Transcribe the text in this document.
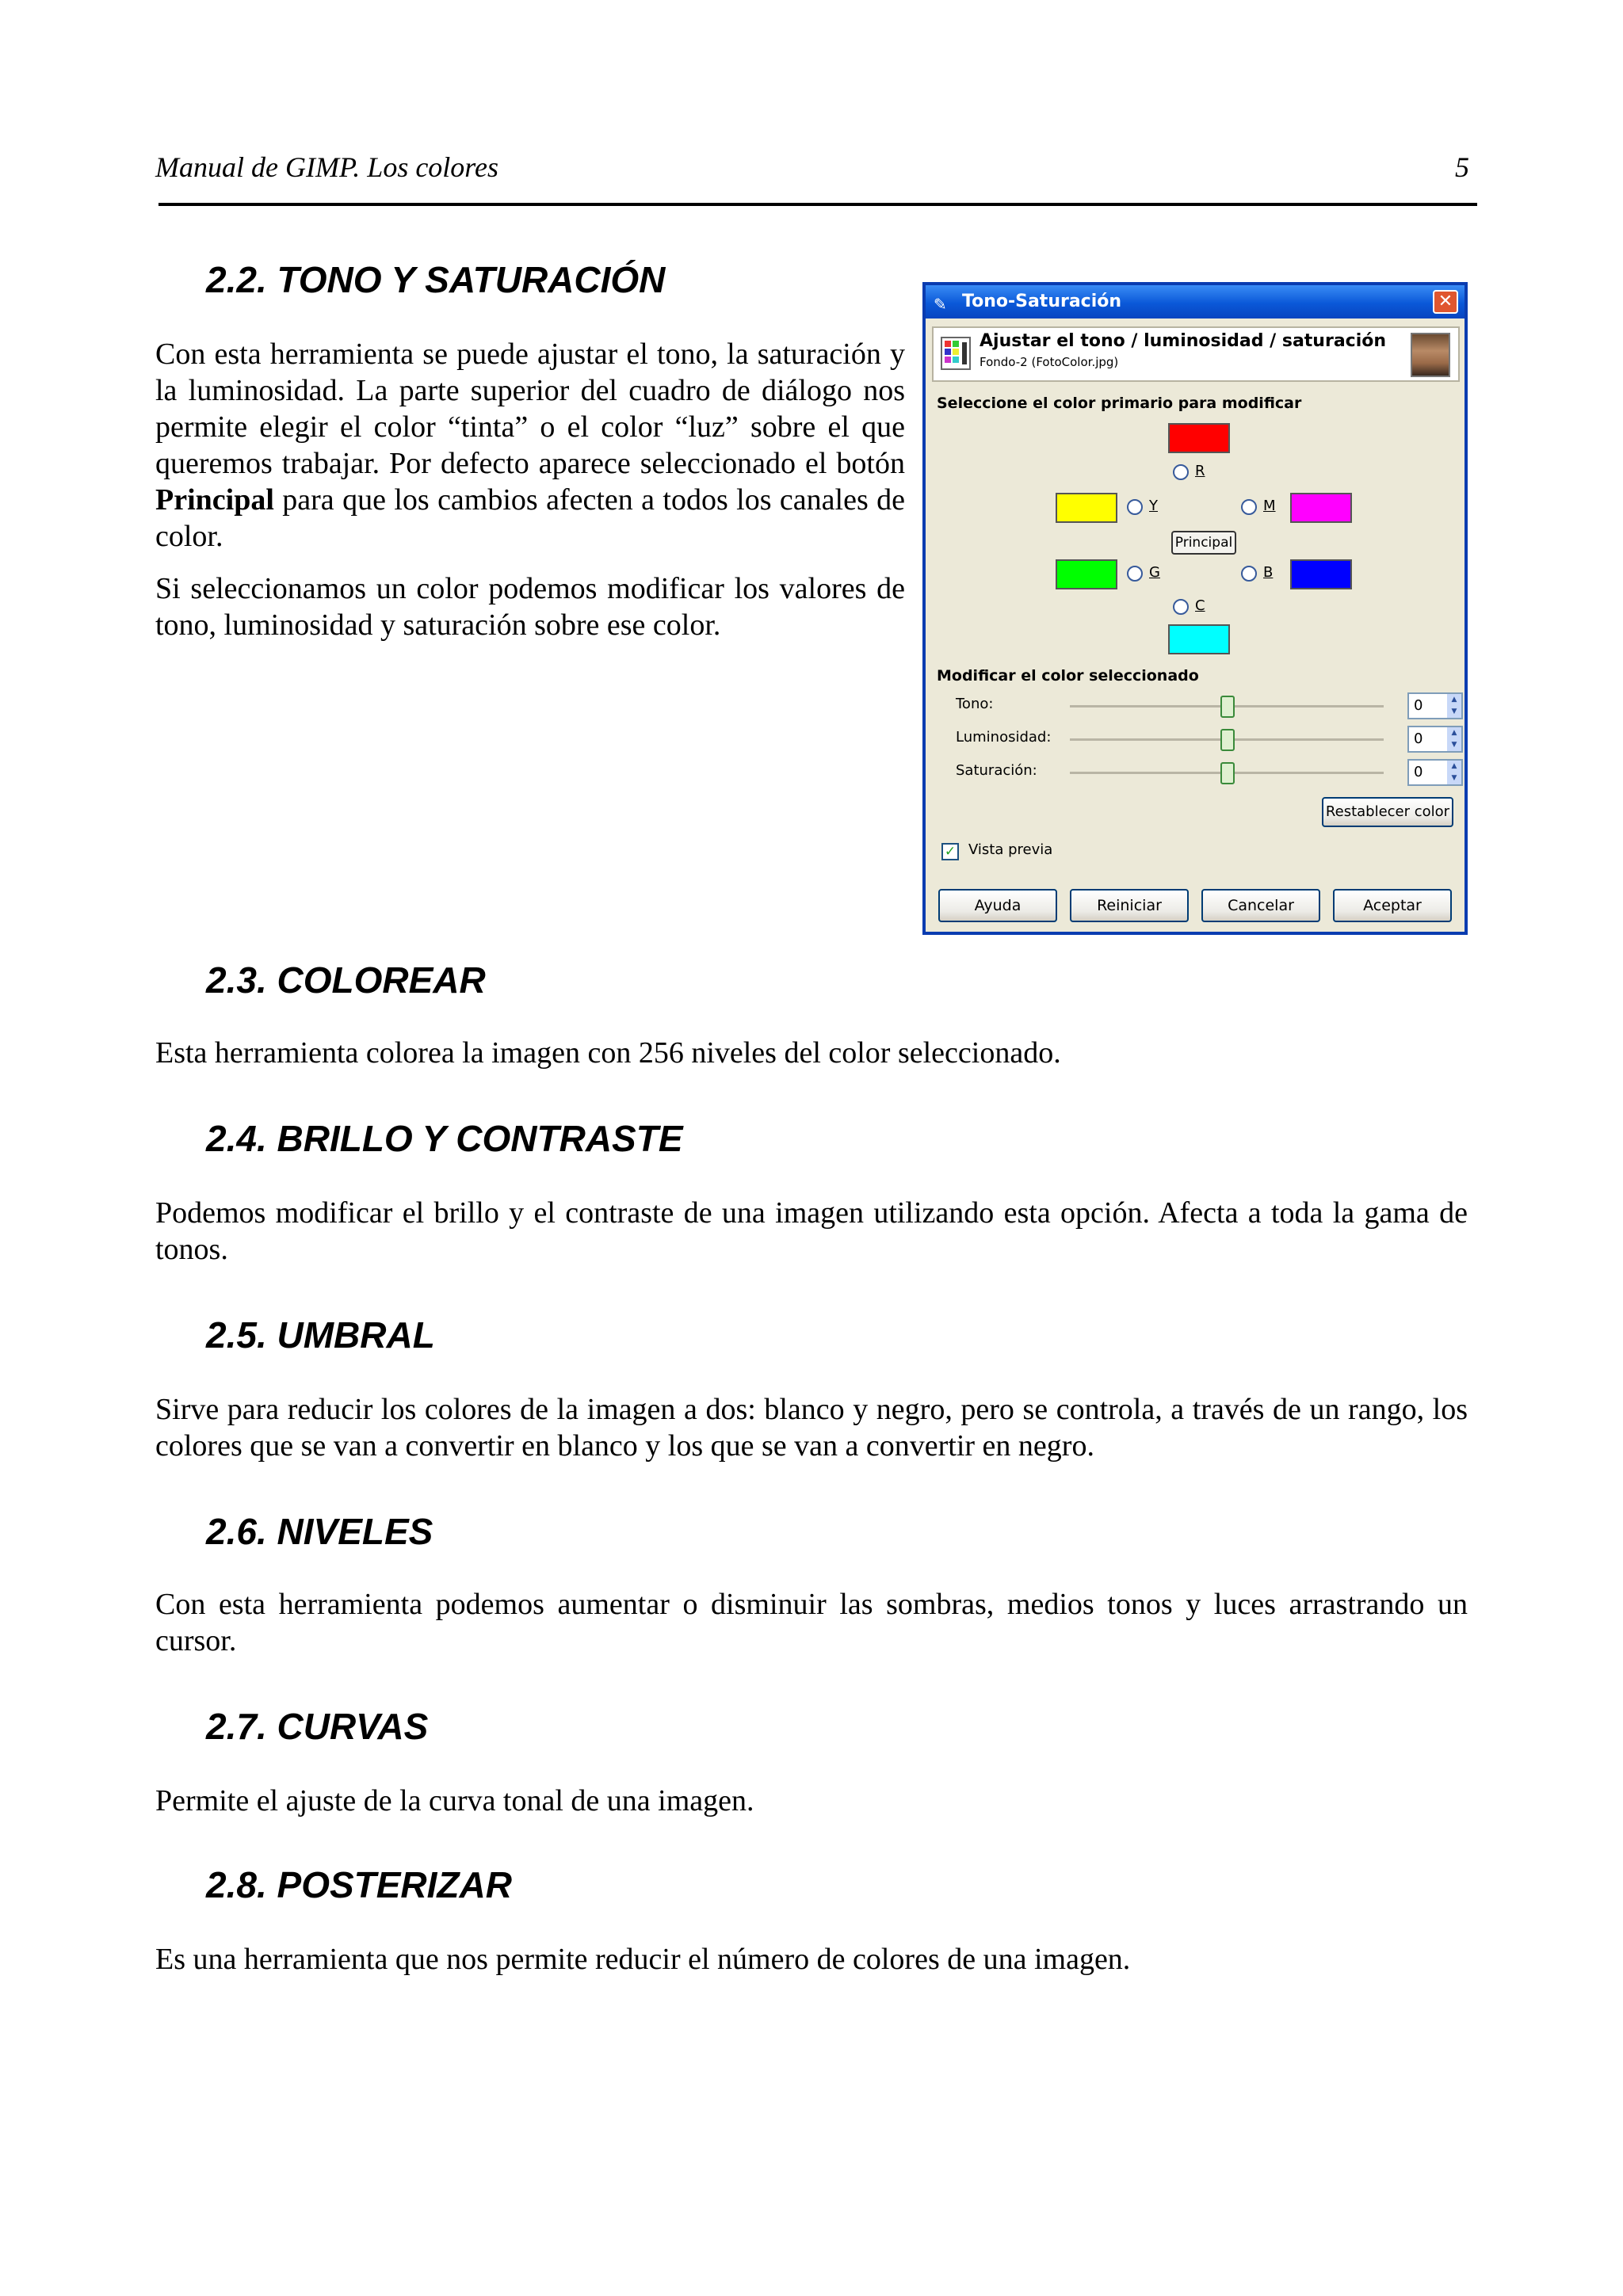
Manual de GIMP. Los colores	5
2.2. TONO Y SATURACIÓN

Con esta herramienta se puede ajustar el tono, la saturación y la luminosidad. La parte superior del cuadro de diálogo nos permite elegir el color “tinta” o el color “luz” sobre el que queremos trabajar. Por defecto aparece seleccionado el botón Principal para que los cambios afecten a todos los canales de color.

Si seleccionamos un color podemos modificar los valores de tono, luminosidad y saturación sobre ese color.

✎ Tono-Saturación	✕
Ajustar el tono / luminosidad / saturación
Fondo-2 (FotoColor.jpg)
Seleccione el color primario para modificar
R
Y	M
Principal
G	B
C
Modificar el color seleccionado
Tono:	0	▲
▼
Luminosidad:	0	▲
▼
Saturación:	0	▲
▼
Restablecer color
✓ Vista previa
Ayuda	Reiniciar	Cancelar	Aceptar
2.3. COLOREAR

Esta herramienta colorea la imagen con 256 niveles del color seleccionado.

2.4. BRILLO Y CONTRASTE

Podemos modificar el brillo y el contraste de una imagen utilizando esta opción. Afecta a toda la gama de tonos.

2.5. UMBRAL

Sirve para reducir los colores de la imagen a dos: blanco y negro, pero se controla, a través de un rango, los colores que se van a convertir en blanco y los que se van a convertir en negro.

2.6. NIVELES

Con esta herramienta podemos aumentar o disminuir las sombras, medios tonos y luces arrastrando un cursor.

2.7. CURVAS

Permite el ajuste de la curva tonal de una imagen.

2.8. POSTERIZAR

Es una herramienta que nos permite reducir el número de colores de una imagen.
